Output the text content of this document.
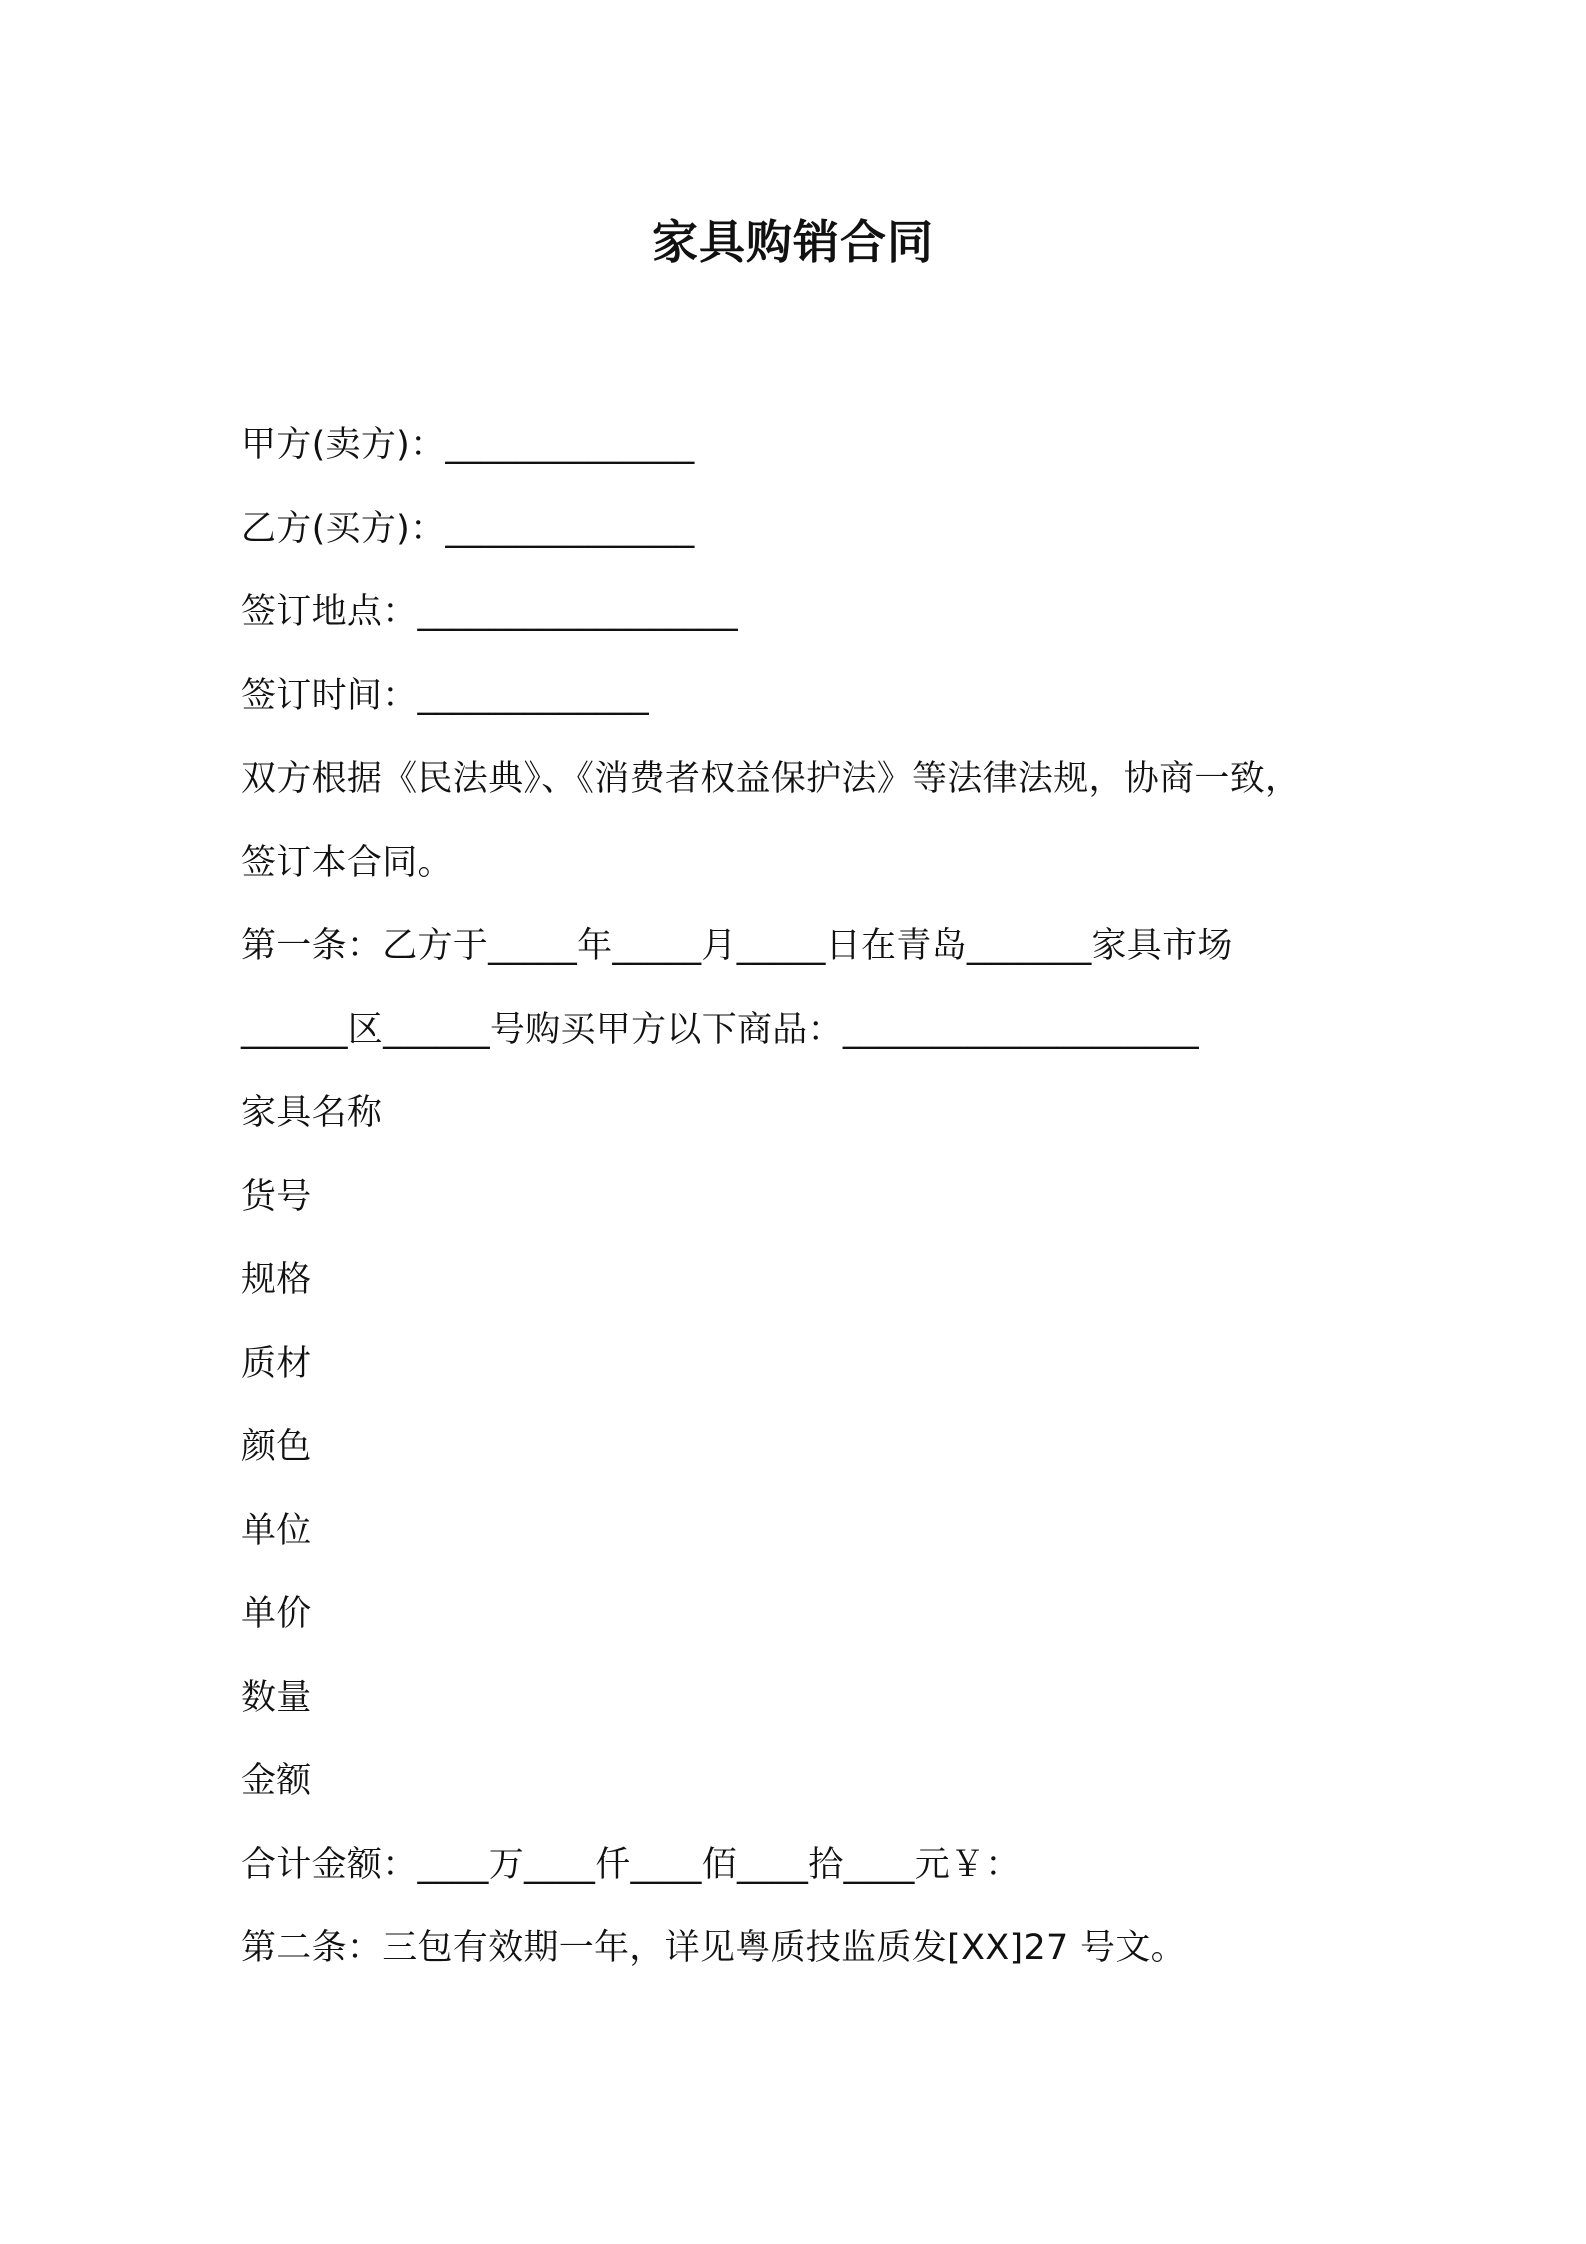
家具购销合同
甲方(卖方)：______________
乙方(买方)：______________
签订地点：__________________
签订时间：_____________
双方根据《民法典》、《消费者权益保护法》等法律法规，协商一致，
签订本合同。
第一条：乙方于_____年_____月_____日在青岛_______家具市场
______区______号购买甲方以下商品：____________________
家具名称
货号
规格
质材
颜色
单位
单价
数量
金额
合计金额：____万____仟____佰____拾____元￥：
第二条：三包有效期一年，详见粤质技监质发[XX]27 号文。
